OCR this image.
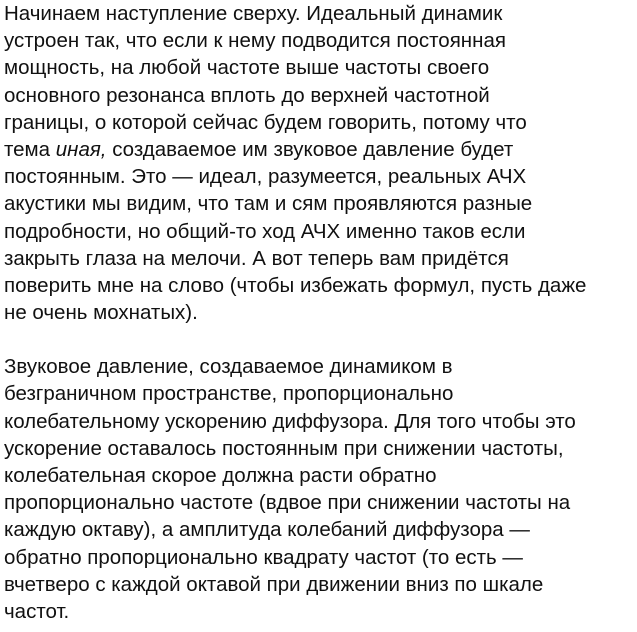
Начинаем наступление сверху. Идеальный динамик
устроен так, что если к нему подводится постоянная
мощность, на любой частоте выше частоты своего
основного резонанса вплоть до верхней частотной
границы, о которой сейчас будем говорить, потому что
тема иная, создаваемое им звуковое давление будет
постоянным. Это — идеал, разумеется, реальных АЧХ
акустики мы видим, что там и сям проявляются разные
подробности, но общий-то ход АЧХ именно таков если
закрыть глаза на мелочи. А вот теперь вам придётся
поверить мне на слово (чтобы избежать формул, пусть даже
не очень мохнатых).
Звуковое давление, создаваемое динамиком в
безграничном пространстве, пропорционально
колебательному ускорению диффузора. Для того чтобы это
ускорение оставалось постоянным при снижении частоты,
колебательная скорое должна расти обратно
пропорционально частоте (вдвое при снижении частоты на
каждую октаву), а амплитуда колебаний диффузора —
обратно пропорционально квадрату частот (то есть —
вчетверо с каждой октавой при движении вниз по шкале
частот.
